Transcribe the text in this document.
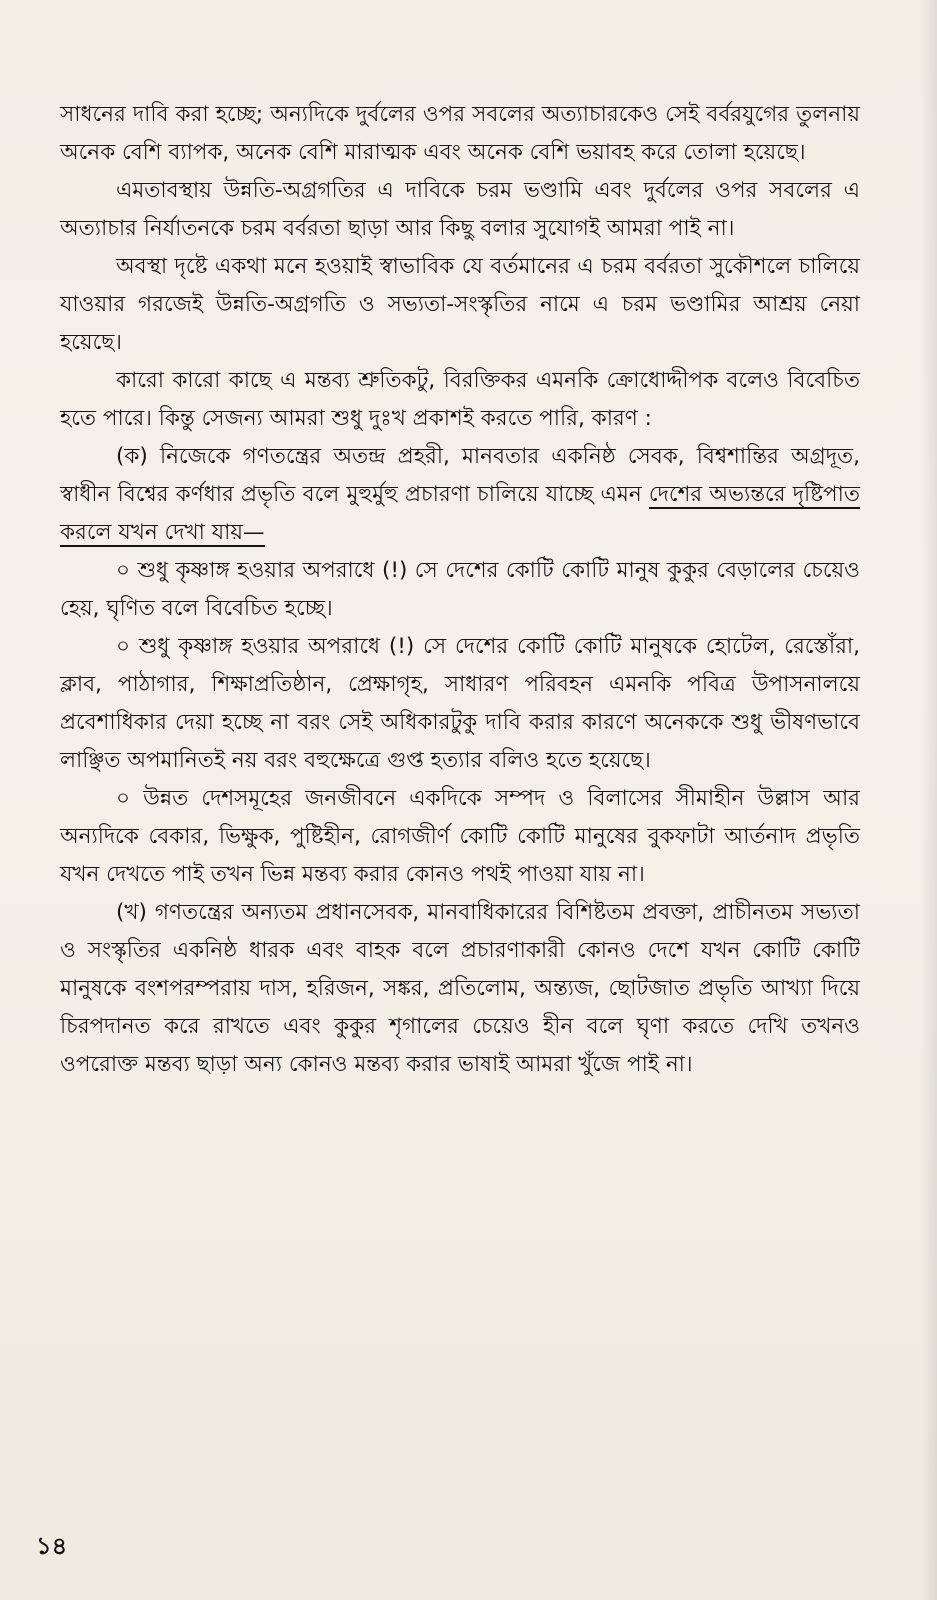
সাধনের দাবি করা হচ্ছে; অন্যদিকে দুর্বলের ওপর সবলের অত্যাচারকেও সেই বর্বরযুগের তুলনায় অনেক বেশি ব্যাপক, অনেক বেশি মারাত্মক এবং অনেক বেশি ভয়াবহ করে তোলা হয়েছে।

এমতাবস্থায় উন্নতি-অগ্রগতির এ দাবিকে চরম ভণ্ডামি এবং দুর্বলের ওপর সবলের এ অত্যাচার নির্যাতনকে চরম বর্বরতা ছাড়া আর কিছু বলার সুযোগই আমরা পাই না।

অবস্থা দৃষ্টে একথা মনে হওয়াই স্বাভাবিক যে বর্তমানের এ চরম বর্বরতা সুকৌশলে চালিয়ে যাওয়ার গরজেই উন্নতি-অগ্রগতি ও সভ্যতা-সংস্কৃতির নামে এ চরম ভণ্ডামির আশ্রয় নেয়া হয়েছে।

কারো কারো কাছে এ মন্তব্য শ্রুতিকটু, বিরক্তিকর এমনকি ক্রোধোদ্দীপক বলেও বিবেচিত হতে পারে। কিন্তু সেজন্য আমরা শুধু দুঃখ প্রকাশই করতে পারি, কারণ :

(ক) নিজেকে গণতন্ত্রের অতন্দ্র প্রহরী, মানবতার একনিষ্ঠ সেবক, বিশ্বশান্তির অগ্রদূত, স্বাধীন বিশ্বের কর্ণধার প্রভৃতি বলে মুহুর্মুহু প্রচারণা চালিয়ে যাচ্ছে এমন দেশের অভ্যন্তরে দৃষ্টিপাত করলে যখন দেখা যায়—

০ শুধু কৃষ্ণাঙ্গ হওয়ার অপরাধে (!) সে দেশের কোটি কোটি মানুষ কুকুর বেড়ালের চেয়েও হেয়, ঘৃণিত বলে বিবেচিত হচ্ছে।

০ শুধু কৃষ্ণাঙ্গ হওয়ার অপরাধে (!) সে দেশের কোটি কোটি মানুষকে হোটেল, রেস্তোঁরা, ক্লাব, পাঠাগার, শিক্ষাপ্রতিষ্ঠান, প্রেক্ষাগৃহ, সাধারণ পরিবহন এমনকি পবিত্র উপাসনালয়ে প্রবেশাধিকার দেয়া হচ্ছে না বরং সেই অধিকারটুকু দাবি করার কারণে অনেককে শুধু ভীষণভাবে লাঞ্ছিত অপমানিতই নয় বরং বহুক্ষেত্রে গুপ্ত হত্যার বলিও হতে হয়েছে।

০ উন্নত দেশসমূহের জনজীবনে একদিকে সম্পদ ও বিলাসের সীমাহীন উল্লাস আর অন্যদিকে বেকার, ভিক্ষুক, পুষ্টিহীন, রোগজীর্ণ কোটি কোটি মানুষের বুকফাটা আর্তনাদ প্রভৃতি যখন দেখতে পাই তখন ভিন্ন মন্তব্য করার কোনও পথই পাওয়া যায় না।

(খ) গণতন্ত্রের অন্যতম প্রধানসেবক, মানবাধিকারের বিশিষ্টতম প্রবক্তা, প্রাচীনতম সভ্যতা ও সংস্কৃতির একনিষ্ঠ ধারক এবং বাহক বলে প্রচারণাকারী কোনও দেশে যখন কোটি কোটি মানুষকে বংশপরম্পরায় দাস, হরিজন, সঙ্কর, প্রতিলোম, অন্ত্যজ, ছোটজাত প্রভৃতি আখ্যা দিয়ে চিরপদানত করে রাখতে এবং কুকুর শৃগালের চেয়েও হীন বলে ঘৃণা করতে দেখি তখনও ওপরোক্ত মন্তব্য ছাড়া অন্য কোনও মন্তব্য করার ভাষাই আমরা খুঁজে পাই না।

১৪
